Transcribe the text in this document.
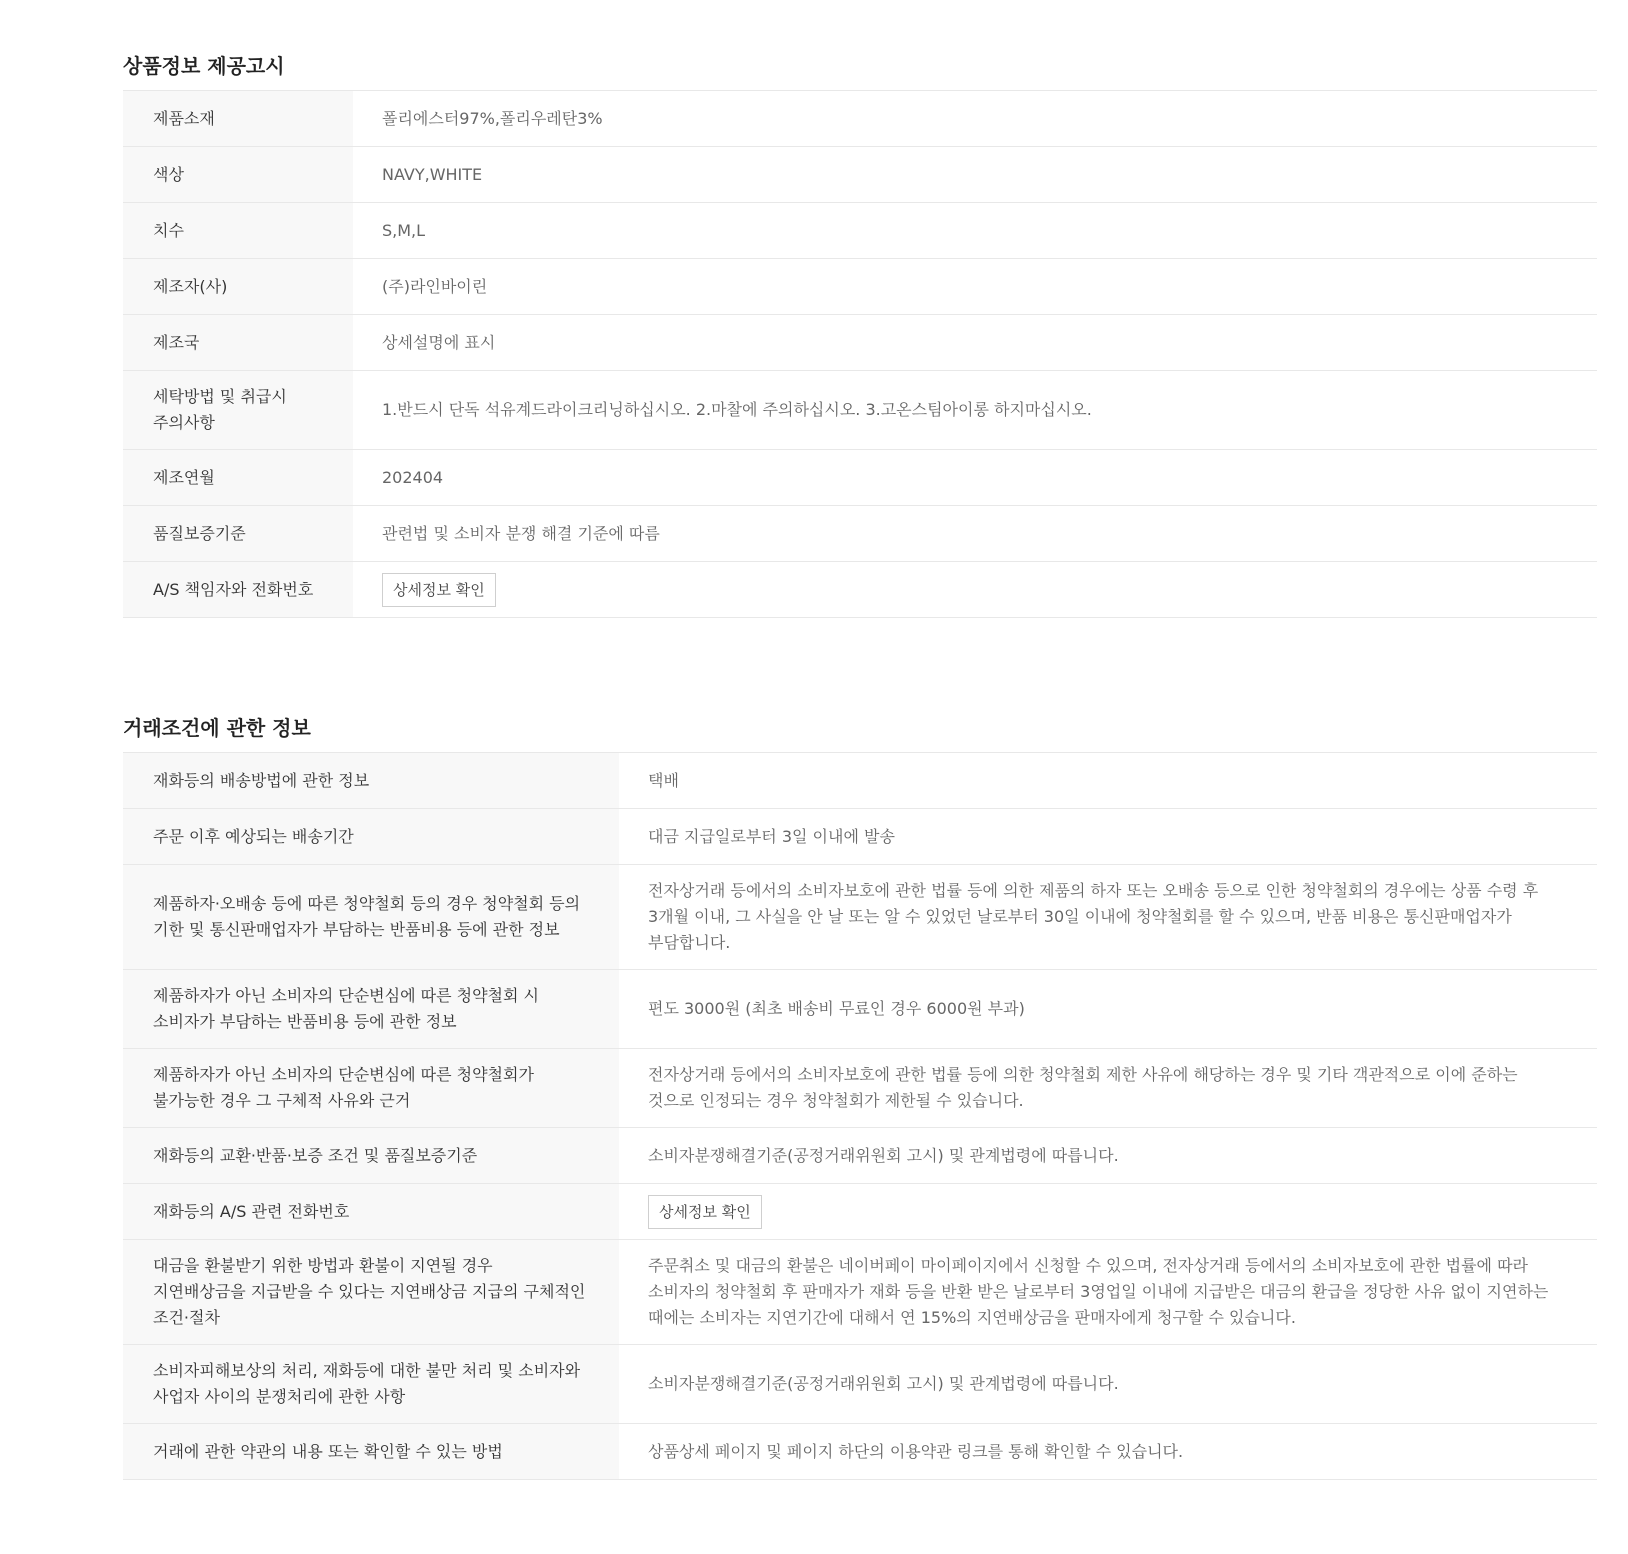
상품정보 제공고시
제품소재	폴리에스터97%,폴리우레탄3%
색상	NAVY,WHITE
치수	S,M,L
제조자(사)	(주)라인바이린
제조국	상세설명에 표시
세탁방법 및 취급시 주의사항	1.반드시 단독 석유계드라이크리닝하십시오. 2.마찰에 주의하십시오. 3.고온스팀아이롱 하지마십시오.
제조연월	202404
품질보증기준	관련법 및 소비자 분쟁 해결 기준에 따름
A/S 책임자와 전화번호	상세정보 확인
거래조건에 관한 정보
재화등의 배송방법에 관한 정보	택배
주문 이후 예상되는 배송기간	대금 지급일로부터 3일 이내에 발송
제품하자·오배송 등에 따른 청약철회 등의 경우 청약철회 등의 기한 및 통신판매업자가 부담하는 반품비용 등에 관한 정보	전자상거래 등에서의 소비자보호에 관한 법률 등에 의한 제품의 하자 또는 오배송 등으로 인한 청약철회의 경우에는 상품 수령 후 3개월 이내, 그 사실을 안 날 또는 알 수 있었던 날로부터 30일 이내에 청약철회를 할 수 있으며, 반품 비용은 통신판매업자가 부담합니다.
제품하자가 아닌 소비자의 단순변심에 따른 청약철회 시 소비자가 부담하는 반품비용 등에 관한 정보	편도 3000원 (최초 배송비 무료인 경우 6000원 부과)
제품하자가 아닌 소비자의 단순변심에 따른 청약철회가 불가능한 경우 그 구체적 사유와 근거	전자상거래 등에서의 소비자보호에 관한 법률 등에 의한 청약철회 제한 사유에 해당하는 경우 및 기타 객관적으로 이에 준하는 것으로 인정되는 경우 청약철회가 제한될 수 있습니다.
재화등의 교환·반품·보증 조건 및 품질보증기준	소비자분쟁해결기준(공정거래위원회 고시) 및 관계법령에 따릅니다.
재화등의 A/S 관련 전화번호	상세정보 확인
대금을 환불받기 위한 방법과 환불이 지연될 경우 지연배상금을 지급받을 수 있다는 지연배상금 지급의 구체적인 조건·절차	주문취소 및 대금의 환불은 네이버페이 마이페이지에서 신청할 수 있으며, 전자상거래 등에서의 소비자보호에 관한 법률에 따라 소비자의 청약철회 후 판매자가 재화 등을 반환 받은 날로부터 3영업일 이내에 지급받은 대금의 환급을 정당한 사유 없이 지연하는 때에는 소비자는 지연기간에 대해서 연 15%의 지연배상금을 판매자에게 청구할 수 있습니다.
소비자피해보상의 처리, 재화등에 대한 불만 처리 및 소비자와 사업자 사이의 분쟁처리에 관한 사항	소비자분쟁해결기준(공정거래위원회 고시) 및 관계법령에 따릅니다.
거래에 관한 약관의 내용 또는 확인할 수 있는 방법	상품상세 페이지 및 페이지 하단의 이용약관 링크를 통해 확인할 수 있습니다.
